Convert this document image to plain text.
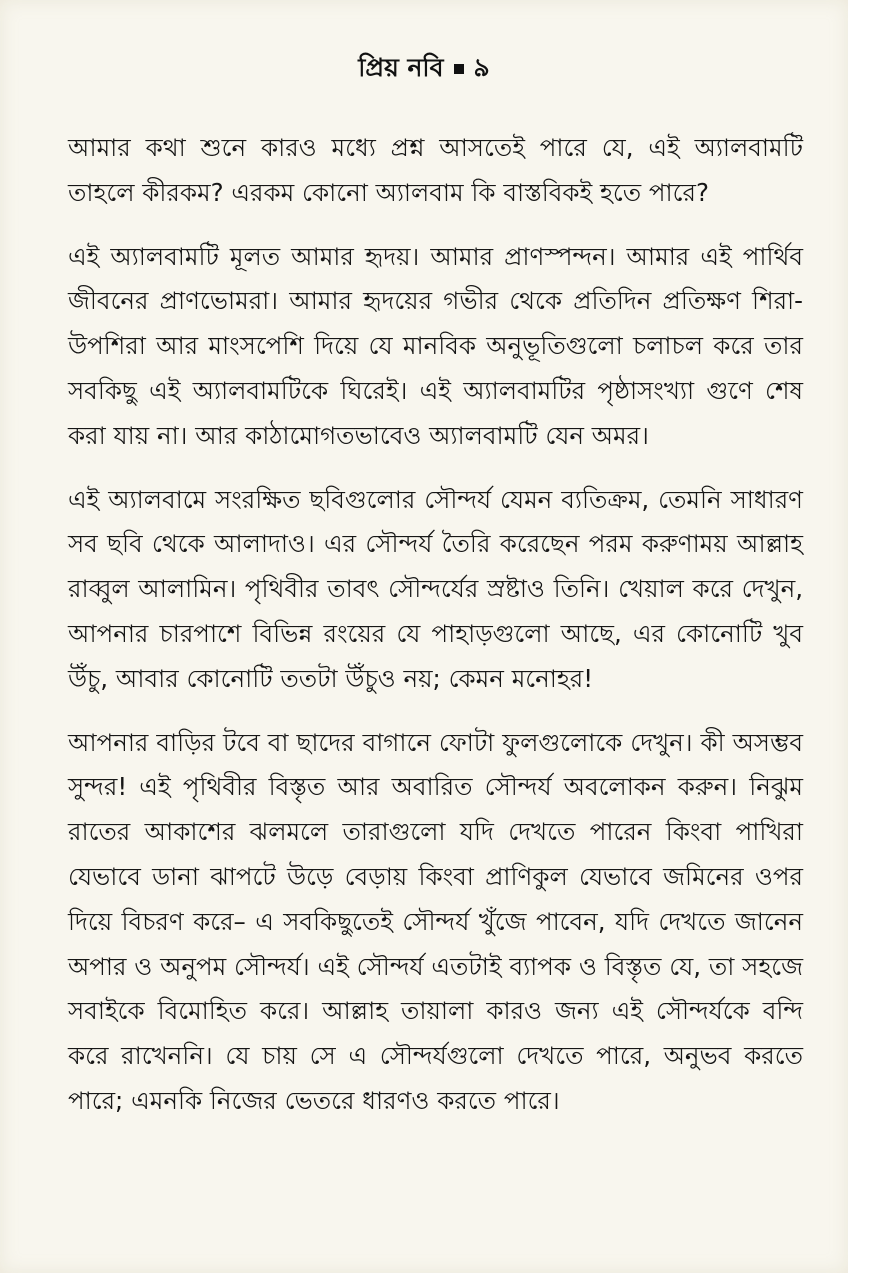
প্রিয় নবি ৯

আমার কথা শুনে কারও মধ্যে প্রশ্ন আসতেই পারে যে, এই অ্যালবামটি তাহলে কীরকম? এরকম কোনো অ্যালবাম কি বাস্তবিকই হতে পারে?

এই অ্যালবামটি মূলত আমার হৃদয়। আমার প্রাণস্পন্দন। আমার এই পার্থিব জীবনের প্রাণভোমরা। আমার হৃদয়ের গভীর থেকে প্রতিদিন প্রতিক্ষণ শিরা-উপশিরা আর মাংসপেশি দিয়ে যে মানবিক অনুভূতিগুলো চলাচল করে তার সবকিছু এই অ্যালবামটিকে ঘিরেই। এই অ্যালবামটির পৃষ্ঠাসংখ্যা গুণে শেষ করা যায় না। আর কাঠামোগতভাবেও অ্যালবামটি যেন অমর।

এই অ্যালবামে সংরক্ষিত ছবিগুলোর সৌন্দর্য যেমন ব্যতিক্রম, তেমনি সাধারণ সব ছবি থেকে আলাদাও। এর সৌন্দর্য তৈরি করেছেন পরম করুণাময় আল্লাহ রাব্বুল আলামিন। পৃথিবীর তাবৎ সৌন্দর্যের স্রষ্টাও তিনি। খেয়াল করে দেখুন, আপনার চারপাশে বিভিন্ন রংয়ের যে পাহাড়গুলো আছে, এর কোনোটি খুব উঁচু, আবার কোনোটি ততটা উঁচুও নয়; কেমন মনোহর!

আপনার বাড়ির টবে বা ছাদের বাগানে ফোটা ফুলগুলোকে দেখুন। কী অসম্ভব সুন্দর! এই পৃথিবীর বিস্তৃত আর অবারিত সৌন্দর্য অবলোকন করুন। নিঝুম রাতের আকাশের ঝলমলে তারাগুলো যদি দেখতে পারেন কিংবা পাখিরা যেভাবে ডানা ঝাপটে উড়ে বেড়ায় কিংবা প্রাণিকুল যেভাবে জমিনের ওপর দিয়ে বিচরণ করে– এ সবকিছুতেই সৌন্দর্য খুঁজে পাবেন, যদি দেখতে জানেন অপার ও অনুপম সৌন্দর্য। এই সৌন্দর্য এতটাই ব্যাপক ও বিস্তৃত যে, তা সহজে সবাইকে বিমোহিত করে। আল্লাহ তায়ালা কারও জন্য এই সৌন্দর্যকে বন্দি করে রাখেননি। যে চায় সে এ সৌন্দর্যগুলো দেখতে পারে, অনুভব করতে পারে; এমনকি নিজের ভেতরে ধারণও করতে পারে।
